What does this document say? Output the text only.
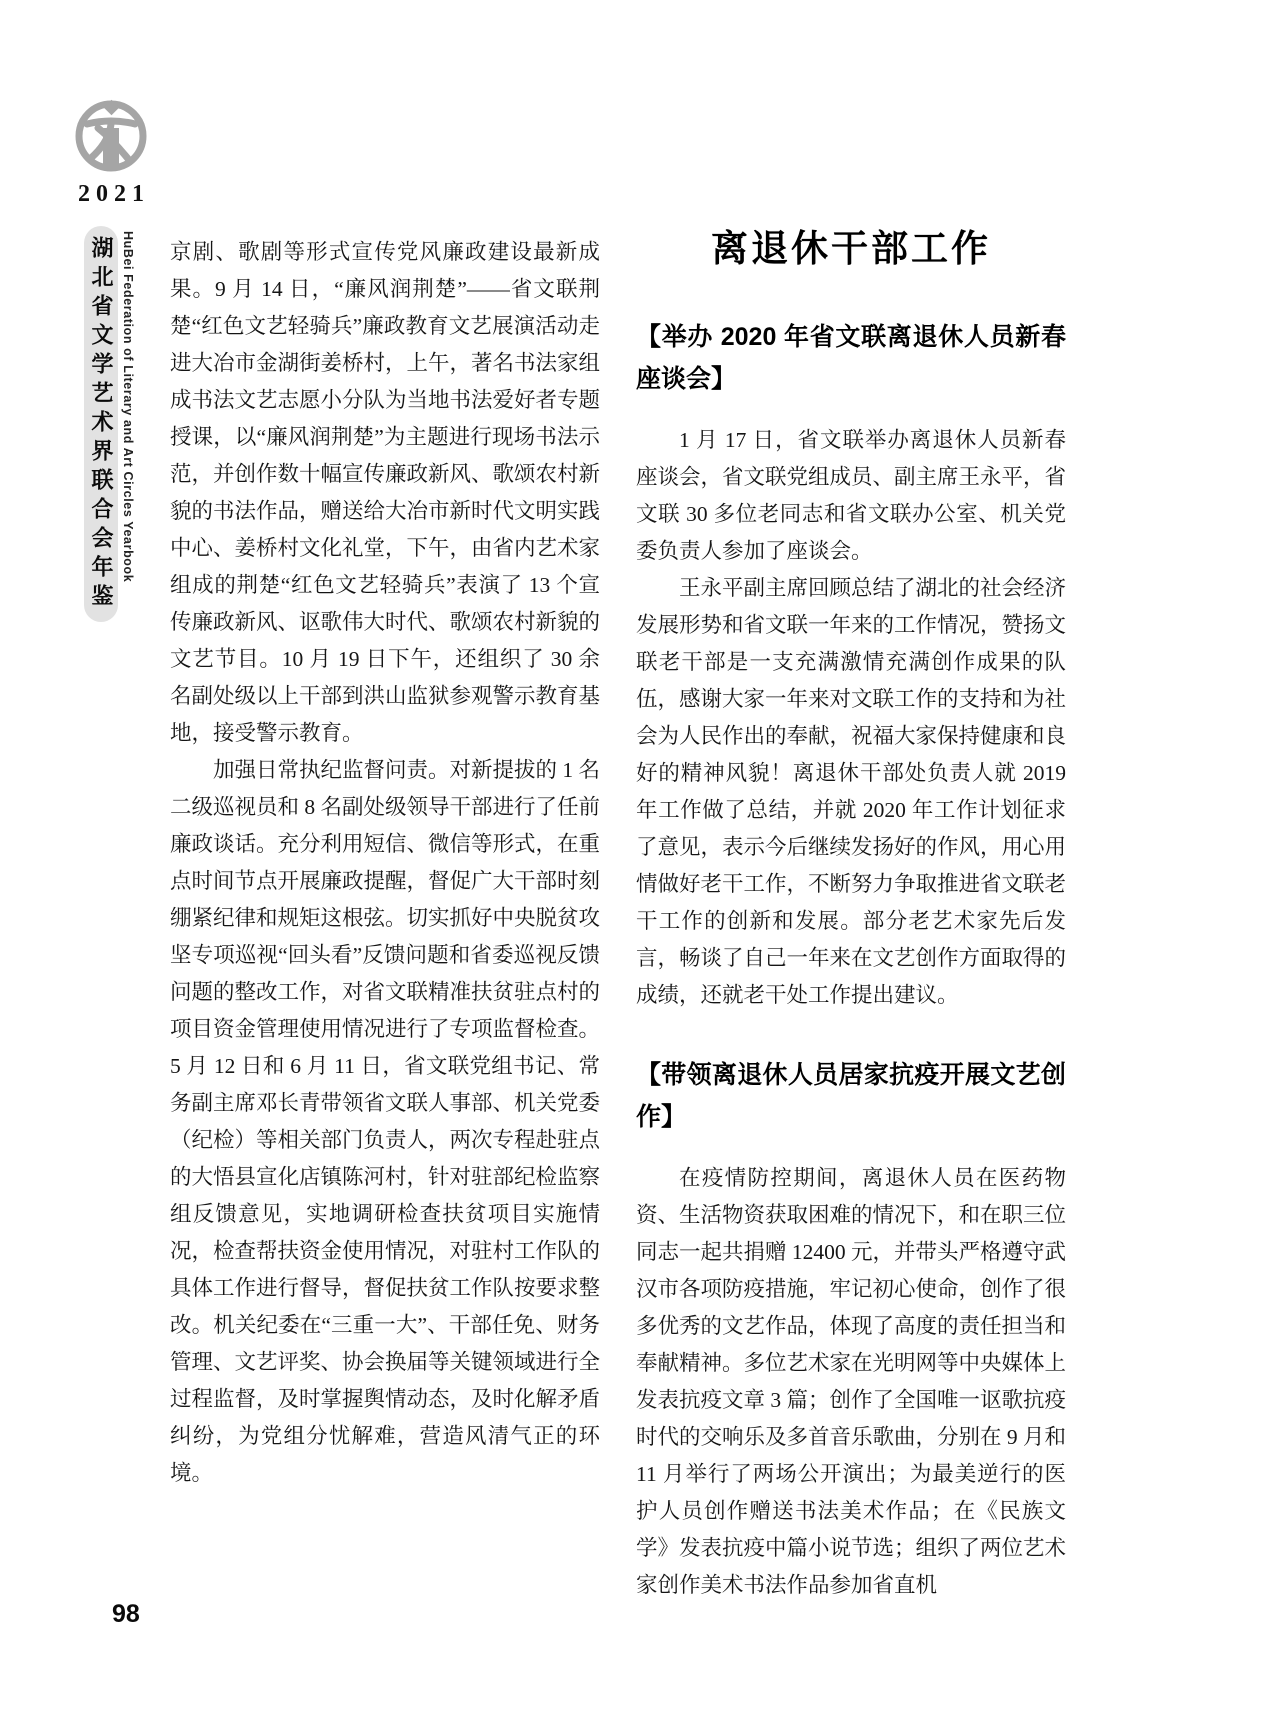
2021
湖北省文学艺术界联合会年鉴 HuBei Federation of Literary and Art Circles Yearbook 京剧、歌剧等形式宣传党风廉政建设最新成果。9 月 14 日，“廉风润荆楚”——省文联荆楚“红色文艺轻骑兵”廉政教育文艺展演活动走进大冶市金湖街姜桥村，上午，著名书法家组成书法文艺志愿小分队为当地书法爱好者专题授课，以“廉风润荆楚”为主题进行现场书法示范，并创作数十幅宣传廉政新风、歌颂农村新貌的书法作品，赠送给大冶市新时代文明实践中心、姜桥村文化礼堂，下午，由省内艺术家组成的荆楚“红色文艺轻骑兵”表演了 13 个宣传廉政新风、讴歌伟大时代、歌颂农村新貌的文艺节目。10 月 19 日下午，还组织了 30 余名副处级以上干部到洪山监狱参观警示教育基地，接受警示教育。

加强日常执纪监督问责。对新提拔的 1 名二级巡视员和 8 名副处级领导干部进行了任前廉政谈话。充分利用短信、微信等形式，在重点时间节点开展廉政提醒，督促广大干部时刻绷紧纪律和规矩这根弦。切实抓好中央脱贫攻坚专项巡视“回头看”反馈问题和省委巡视反馈问题的整改工作，对省文联精准扶贫驻点村的项目资金管理使用情况进行了专项监督检查。5 月 12 日和 6 月 11 日，省文联党组书记、常务副主席邓长青带领省文联人事部、机关党委（纪检）等相关部门负责人，两次专程赴驻点的大悟县宣化店镇陈河村，针对驻部纪检监察组反馈意见，实地调研检查扶贫项目实施情况，检查帮扶资金使用情况，对驻村工作队的具体工作进行督导，督促扶贫工作队按要求整改。机关纪委在“三重一大”、干部任免、财务管理、文艺评奖、协会换届等关键领域进行全过程监督，及时掌握舆情动态，及时化解矛盾纠纷，为党组分忧解难，营造风清气正的环境。

离退休干部工作
【举办 2020 年省文联离退休人员新春座谈会】

1 月 17 日，省文联举办离退休人员新春座谈会，省文联党组成员、副主席王永平，省文联 30 多位老同志和省文联办公室、机关党委负责人参加了座谈会。

王永平副主席回顾总结了湖北的社会经济发展形势和省文联一年来的工作情况，赞扬文联老干部是一支充满激情充满创作成果的队伍，感谢大家一年来对文联工作的支持和为社会为人民作出的奉献，祝福大家保持健康和良好的精神风貌！离退休干部处负责人就 2019 年工作做了总结，并就 2020 年工作计划征求了意见，表示今后继续发扬好的作风，用心用情做好老干工作，不断努力争取推进省文联老干工作的创新和发展。部分老艺术家先后发言，畅谈了自己一年来在文艺创作方面取得的成绩，还就老干处工作提出建议。

【带领离退休人员居家抗疫开展文艺创作】

在疫情防控期间，离退休人员在医药物资、生活物资获取困难的情况下，和在职三位同志一起共捐赠 12400 元，并带头严格遵守武汉市各项防疫措施，牢记初心使命，创作了很多优秀的文艺作品，体现了高度的责任担当和奉献精神。多位艺术家在光明网等中央媒体上发表抗疫文章 3 篇；创作了全国唯一讴歌抗疫时代的交响乐及多首音乐歌曲，分别在 9 月和 11 月举行了两场公开演出；为最美逆行的医护人员创作赠送书法美术作品；在《民族文学》发表抗疫中篇小说节选；组织了两位艺术家创作美术书法作品参加省直机

98
